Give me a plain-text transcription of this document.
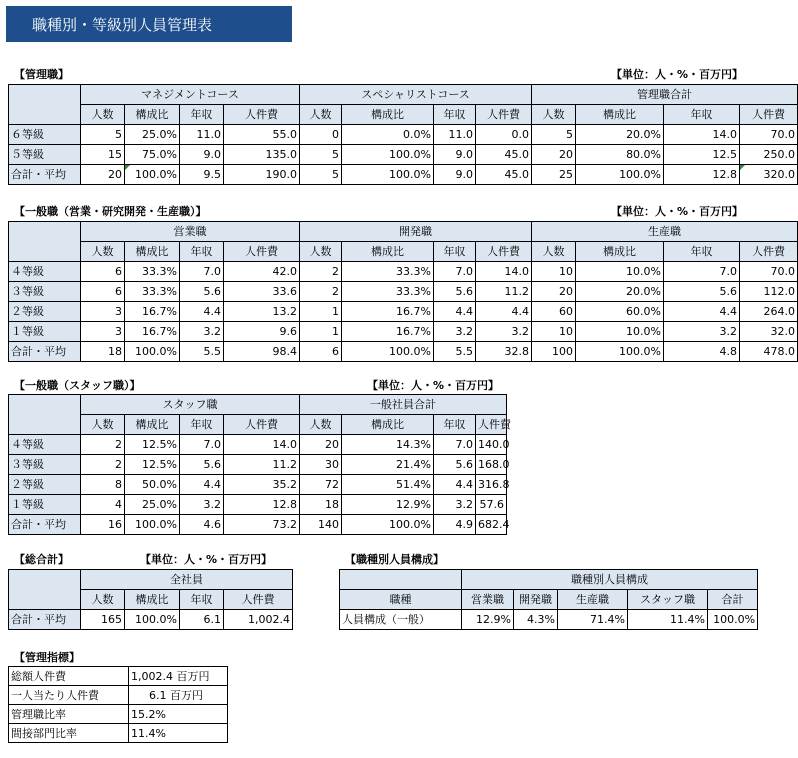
職種別・等級別人員管理表
【管理職】	【単位：人・%・百万円】
	マネジメントコース				スペシャリストコース				管理職合計			
	人数	構成比	年収	人件費	人数	構成比	年収	人件費	人数	構成比	年収	人件費
６等級	5	25.0%	11.0	55.0	0	0.0%	11.0	0.0	5	20.0%	14.0	70.0
５等級	15	75.0%	9.0	135.0	5	100.0%	9.0	45.0	20	80.0%	12.5	250.0
合計・平均	20	100.0%	9.5	190.0	5	100.0%	9.0	45.0	25	100.0%	12.8	320.0
【一般職（営業・研究開発・生産職）】	【単位：人・%・百万円】
	営業職				開発職				生産職			
	人数	構成比	年収	人件費	人数	構成比	年収	人件費	人数	構成比	年収	人件費
４等級	6	33.3%	7.0	42.0	2	33.3%	7.0	14.0	10	10.0%	7.0	70.0
３等級	6	33.3%	5.6	33.6	2	33.3%	5.6	11.2	20	20.0%	5.6	112.0
２等級	3	16.7%	4.4	13.2	1	16.7%	4.4	4.4	60	60.0%	4.4	264.0
１等級	3	16.7%	3.2	9.6	1	16.7%	3.2	3.2	10	10.0%	3.2	32.0
合計・平均	18	100.0%	5.5	98.4	6	100.0%	5.5	32.8	100	100.0%	4.8	478.0
【一般職（スタッフ職）】	【単位：人・%・百万円】
	スタッフ職				一般社員合計			
	人数	構成比	年収	人件費	人数	構成比	年収	人件費
４等級	2	12.5%	7.0	14.0	20	14.3%	7.0	140.0
３等級	2	12.5%	5.6	11.2	30	21.4%	5.6	168.0
２等級	8	50.0%	4.4	35.2	72	51.4%	4.4	316.8
１等級	4	25.0%	3.2	12.8	18	12.9%	3.2	57.6
合計・平均	16	100.0%	4.6	73.2	140	100.0%	4.9	682.4
【総合計】	【単位：人・%・百万円】
	全社員			
	人数	構成比	年収	人件費
合計・平均	165	100.0%	6.1	1,002.4
【職種別人員構成】
	職種別人員構成				
職種	営業職	開発職	生産職	スタッフ職	合計
人員構成（一般）	12.9%	4.3%	71.4%	11.4%	100.0%
【管理指標】
総額人件費	1,002.4 百万円
一人当たり人件費	6.1 百万円
管理職比率	15.2%
間接部門比率	11.4%
